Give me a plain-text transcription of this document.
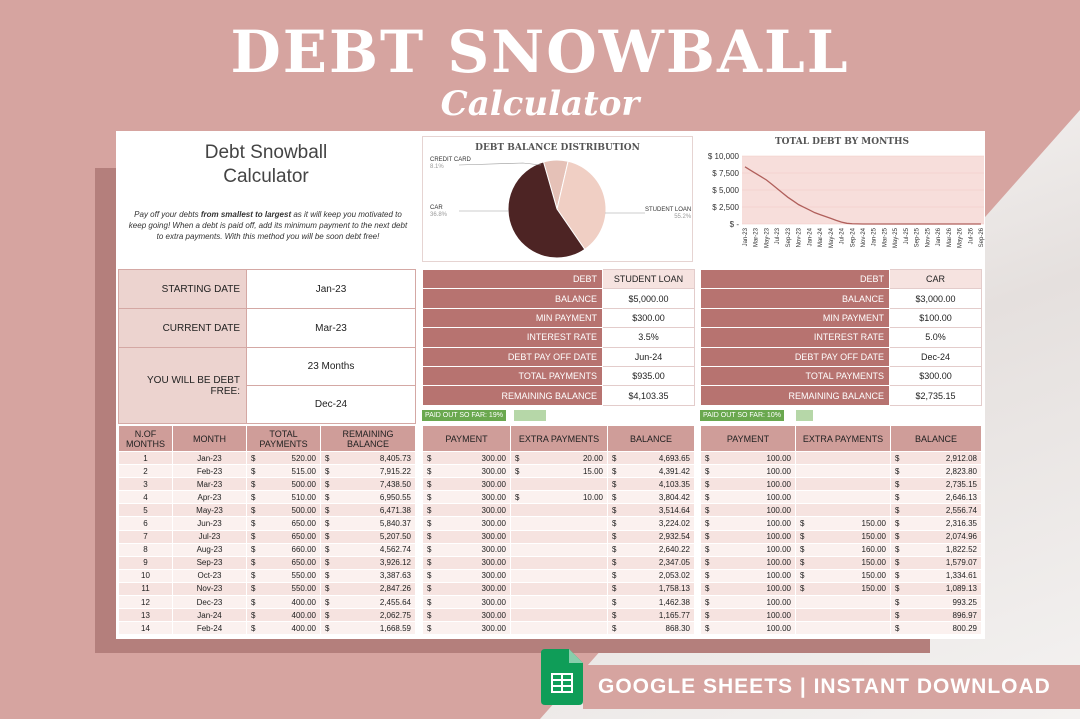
DEBT SNOWBALL
Calculator
Debt Snowball
Calculator
Pay off your debts from smallest to largest as it will keep you motivated to keep going! When a debt is paid off, add its minimum payment to the next debt to extra payments. With this method you will be soon debt free!
DEBT BALANCE DISTRIBUTION
CREDIT CARD
8.1%
CAR
36.8%
STUDENT LOAN
55.2%
TOTAL DEBT BY MONTHS
$ 10,000
$ 7,500
$ 5,000
$ 2,500
$ -
Jan-23 Mar-23 May-23 Jul-23 Sep-23 Nov-23 Jan-24 Mar-24 May-24 Jul-24 Sep-24 Nov-24 Jan-25 Mar-25 May-25 Jul-25 Sep-25 Nov-25 Jan-26 Mar-26 May-26 Jul-26 Sep-26
STARTING DATE	Jan-23
CURRENT DATE	Mar-23
YOU WILL BE DEBT FREE:	23 Months
	Dec-24
DEBT	STUDENT LOAN
BALANCE	$5,000.00
MIN PAYMENT	$300.00
INTEREST RATE	3.5%
DEBT PAY OFF DATE	Jun-24
TOTAL PAYMENTS	$935.00
REMAINING BALANCE	$4,103.35
PAID OUT SO FAR: 19%
DEBT	CAR
BALANCE	$3,000.00
MIN PAYMENT	$100.00
INTEREST RATE	5.0%
DEBT PAY OFF DATE	Dec-24
TOTAL PAYMENTS	$300.00
REMAINING BALANCE	$2,735.15
PAID OUT SO FAR: 10%
N.OF
MONTHS	MONTH	TOTAL PAYMENTS	REMAINING BALANCE
1	Jan-23	$ 520.00	$ 8,405.73
2	Feb-23	$ 515.00	$ 7,915.22
3	Mar-23	$ 500.00	$ 7,438.50
4	Apr-23	$ 510.00	$ 6,950.55
5	May-23	$ 500.00	$ 6,471.38
6	Jun-23	$ 650.00	$ 5,840.37
7	Jul-23	$ 650.00	$ 5,207.50
8	Aug-23	$ 660.00	$ 4,562.74
9	Sep-23	$ 650.00	$ 3,926.12
10	Oct-23	$ 550.00	$ 3,387.63
11	Nov-23	$ 550.00	$ 2,847.26
12	Dec-23	$ 400.00	$ 2,455.64
13	Jan-24	$ 400.00	$ 2,062.75
14	Feb-24	$ 400.00	$ 1,668.59
PAYMENT	EXTRA PAYMENTS	BALANCE

$ 300.00	$ 20.00	$ 4,693.65

$ 300.00	$ 15.00	$ 4,391.42

$ 300.00		$ 4,103.35

$ 300.00	$ 10.00	$ 3,804.42

$ 300.00		$ 3,514.64

$ 300.00		$ 3,224.02

$ 300.00		$ 2,932.54

$ 300.00		$ 2,640.22

$ 300.00		$ 2,347.05

$ 300.00		$ 2,053.02

$ 300.00		$ 1,758.13

$ 300.00		$ 1,462.38

$ 300.00		$ 1,165.77

$ 300.00		$ 868.30
PAYMENT	EXTRA PAYMENTS	BALANCE

$ 100.00		$ 2,912.08

$ 100.00		$ 2,823.80

$ 100.00		$ 2,735.15

$ 100.00		$ 2,646.13

$ 100.00		$ 2,556.74

$ 100.00	$ 150.00	$ 2,316.35

$ 100.00	$ 150.00	$ 2,074.96

$ 100.00	$ 160.00	$ 1,822.52

$ 100.00	$ 150.00	$ 1,579.07

$ 100.00	$ 150.00	$ 1,334.61

$ 100.00	$ 150.00	$ 1,089.13

$ 100.00		$ 993.25

$ 100.00		$ 896.97

$ 100.00		$ 800.29
GOOGLE SHEETS | INSTANT DOWNLOAD
